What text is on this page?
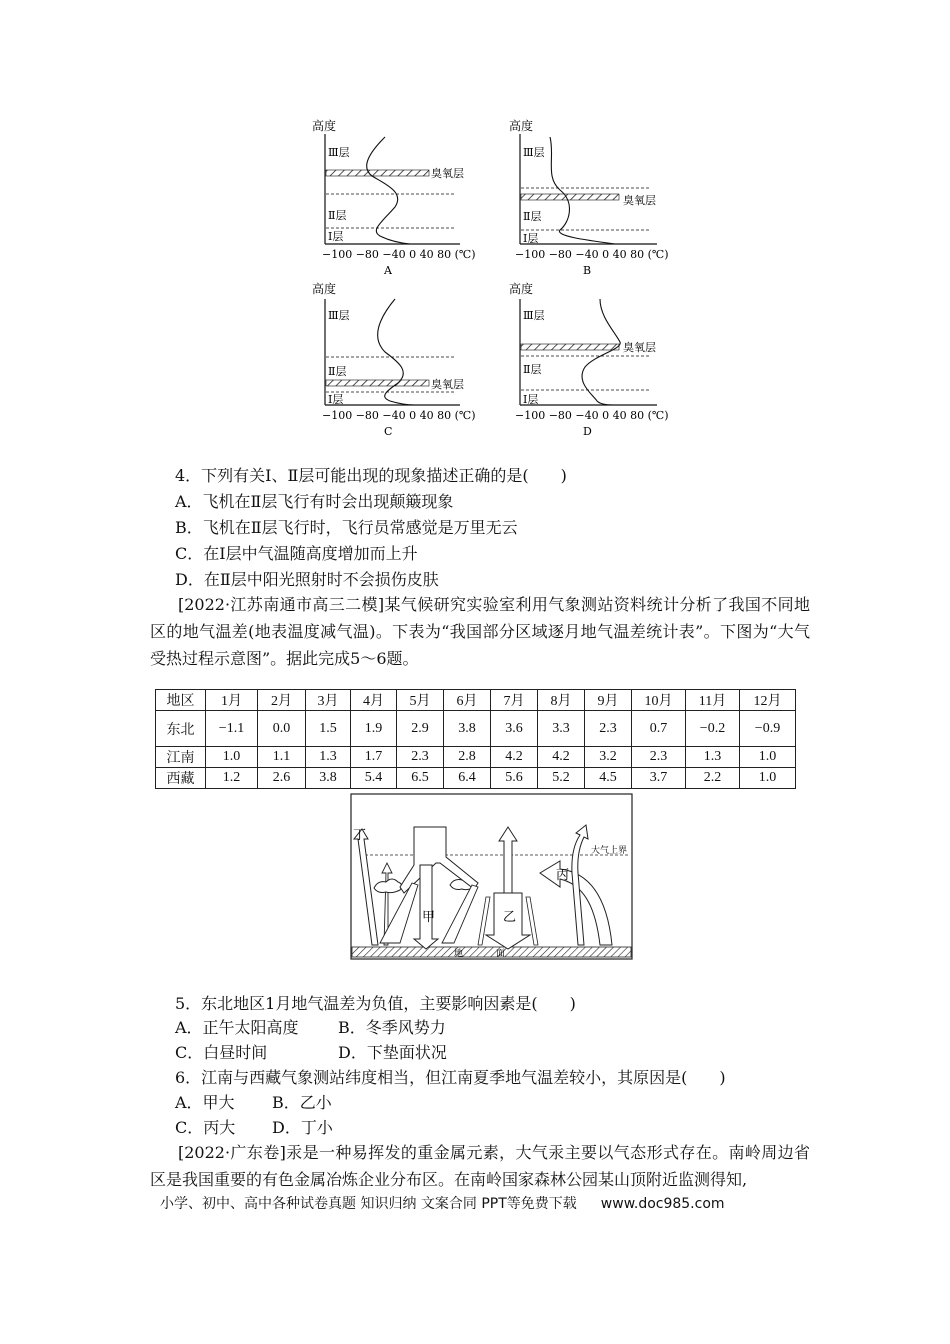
高度
Ⅲ层
臭氧层
Ⅱ层
Ⅰ层
−100 −80 −40 0 40 80 (℃)
A
高度
Ⅲ层
臭氧层
Ⅱ层
Ⅰ层
−100 −80 −40 0 40 80 (℃)
B
高度
Ⅲ层
Ⅱ层
臭氧层
Ⅰ层
−100 −80 −40 0 40 80 (℃)
C
高度
Ⅲ层
臭氧层
Ⅱ层
Ⅰ层
−100 −80 −40 0 40 80 (℃)
D
4．下列有关Ⅰ、Ⅱ层可能出现的现象描述正确的是(　　)
A．飞机在Ⅱ层飞行有时会出现颠簸现象
B．飞机在Ⅱ层飞行时，飞行员常感觉是万里无云
C．在Ⅰ层中气温随高度增加而上升
D．在Ⅱ层中阳光照射时不会损伤皮肤
[2022·江苏南通市高三二模]某气候研究实验室利用气象测站资料统计分析了我国不同地区的地气温差(地表温度减气温)。下表为“我国部分区域逐月地气温差统计表”。下图为“大气受热过程示意图”。据此完成5～6题。
地区	1月	2月	3月	4月	5月	6月	7月	8月	9月	10月	11月	12月
东北	−1.1	0.0	1.5	1.9	2.9	3.8	3.6	3.3	2.3	0.7	−0.2	−0.9
江南	1.0	1.1	1.3	1.7	2.3	2.8	4.2	4.2	3.2	2.3	1.3	1.0
西藏	1.2	2.6	3.8	5.4	6.5	6.4	5.6	5.2	4.5	3.7	2.2	1.0
大气上界
地	面
丁
甲	乙
丙
5．东北地区1月地气温差为负值，主要影响因素是(　　)
A．正午太阳高度 B．冬季风势力
C．白昼时间	D．下垫面状况
6．江南与西藏气象测站纬度相当，但江南夏季地气温差较小，其原因是(　　)
A．甲大 B．乙小
C．丙大 D．丁小
[2022·广东卷]汞是一种易挥发的重金属元素，大气汞主要以气态形式存在。南岭周边省区是我国重要的有色金属冶炼企业分布区。在南岭国家森林公园某山顶附近监测得知,
小学、初中、高中各种试卷真题 知识归纳 文案合同 PPT等免费下载 www.doc985.com
